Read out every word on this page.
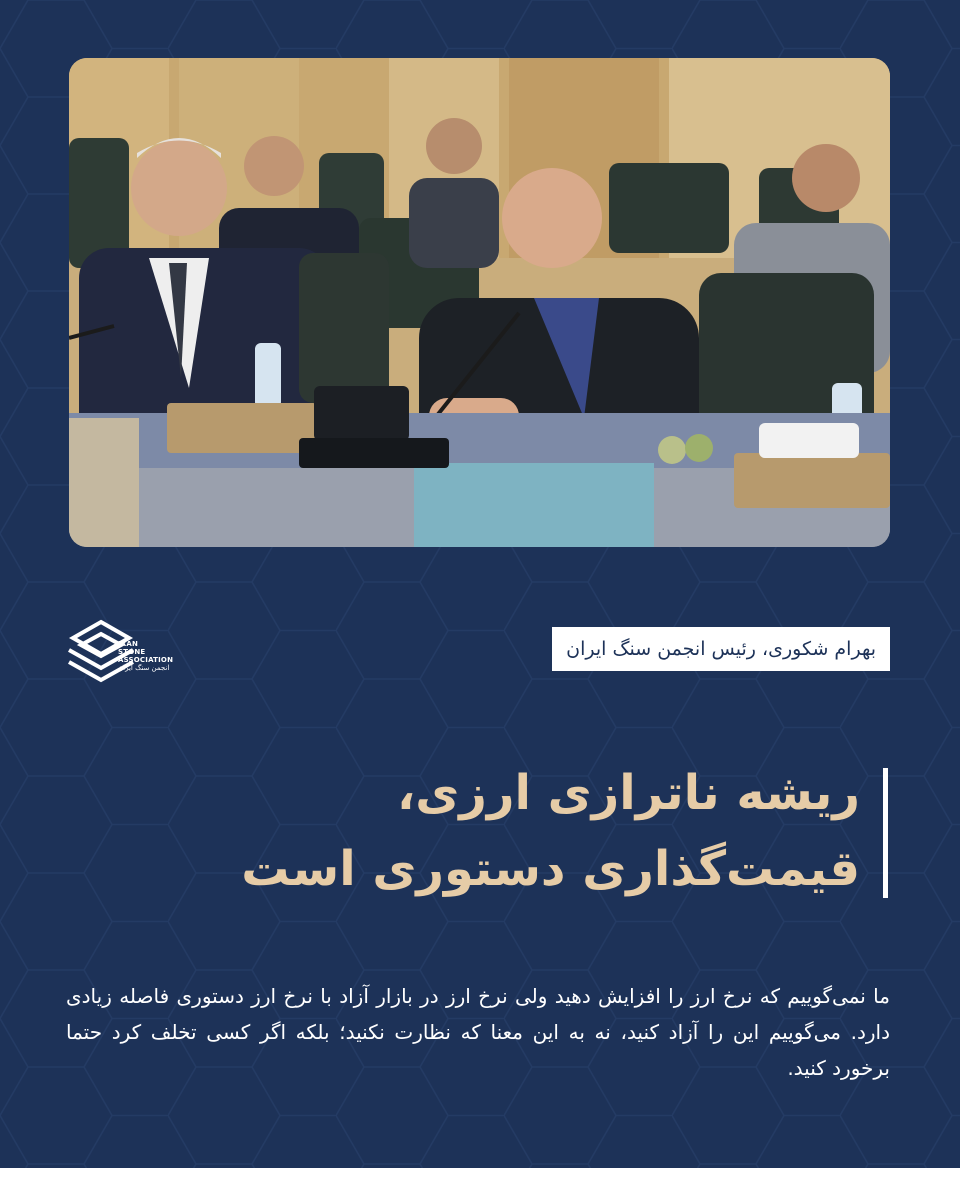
IRAN
STONE
ASSOCIATION
انجمن سنگ ایران
بهرام شکوری، رئیس انجمن سنگ ایران
ریشه ناترازی ارزی،
قیمت‌گذاری دستوری است
ما نمی‌گوییم که نرخ ارز را افزایش دهید ولی نرخ ارز در بازار آزاد با نرخ ارز دستوری فاصله زیادی دارد. می‌گوییم این را آزاد کنید، نه به این معنا که نظارت نکنید؛ بلکه اگر کسی تخلف کرد حتما برخورد کنید.
